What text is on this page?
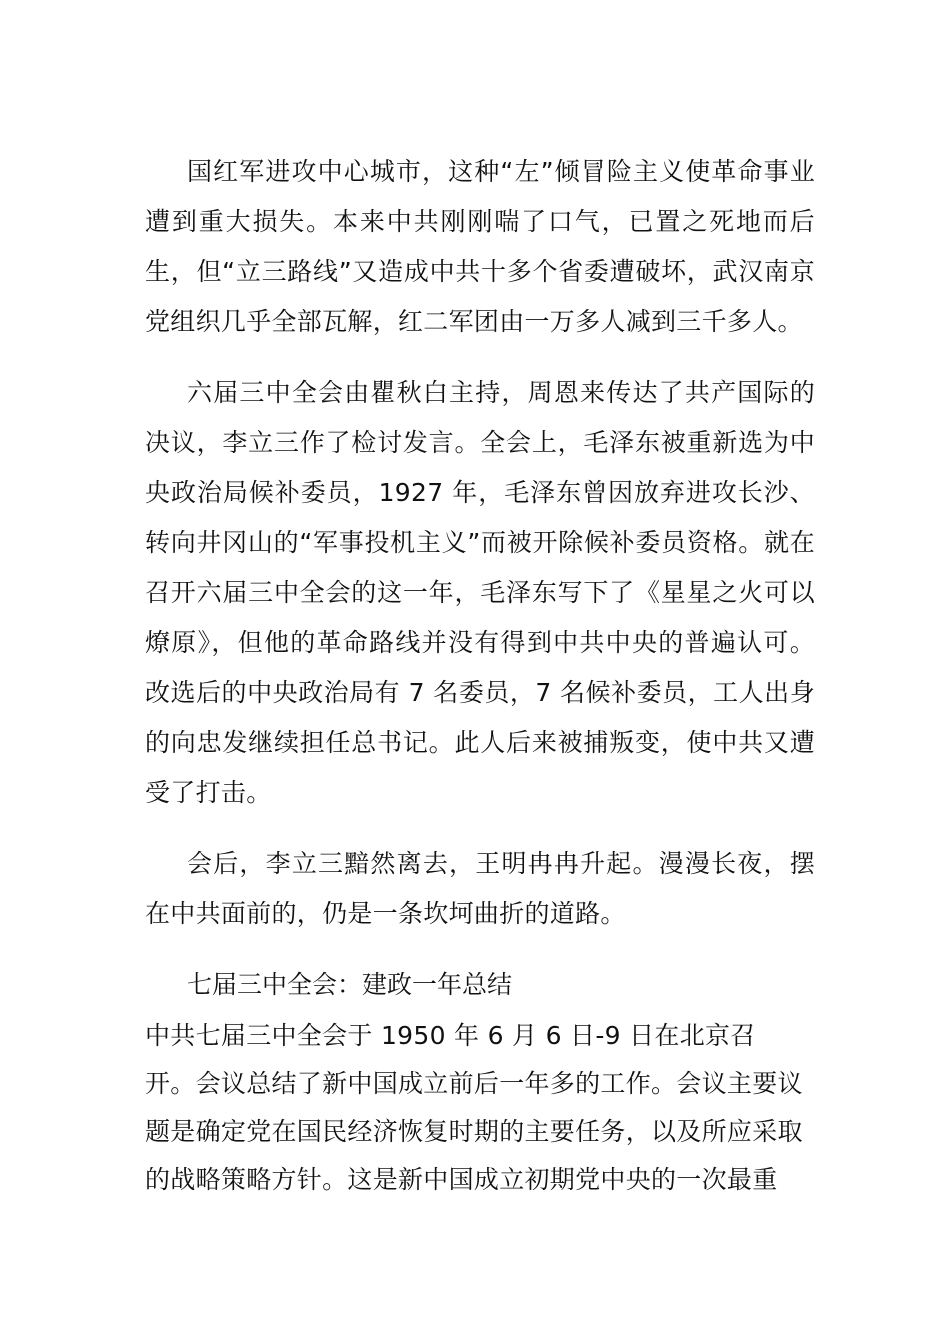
国红军进攻中心城市，这种“左”倾冒险主义使革命事业遭到重大损失。本来中共刚刚喘了口气，已置之死地而后生，但“立三路线”又造成中共十多个省委遭破坏，武汉南京党组织几乎全部瓦解，红二军团由一万多人减到三千多人。

六届三中全会由瞿秋白主持，周恩来传达了共产国际的决议，李立三作了检讨发言。全会上，毛泽东被重新选为中央政治局候补委员，1927 年，毛泽东曾因放弃进攻长沙、转向井冈山的“军事投机主义”而被开除候补委员资格。就在召开六届三中全会的这一年，毛泽东写下了《星星之火可以燎原》，但他的革命路线并没有得到中共中央的普遍认可。改选后的中央政治局有 7 名委员，7 名候补委员，工人出身的向忠发继续担任总书记。此人后来被捕叛变，使中共又遭受了打击。

会后，李立三黯然离去，王明冉冉升起。漫漫长夜，摆在中共面前的，仍是一条坎坷曲折的道路。

七届三中全会：建政一年总结

中共七届三中全会于 1950 年 6 月 6 日-9 日在北京召开。会议总结了新中国成立前后一年多的工作。会议主要议题是确定党在国民经济恢复时期的主要任务，以及所应采取的战略策略方针。这是新中国成立初期党中央的一次最重
